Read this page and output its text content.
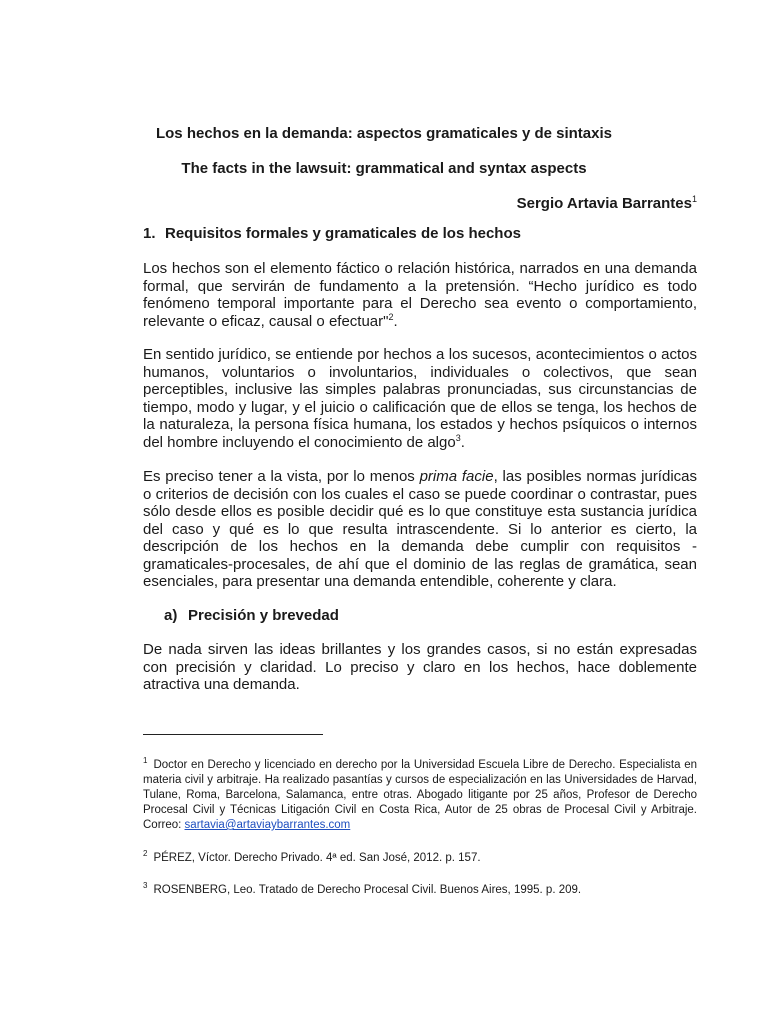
Los hechos en la demanda: aspectos gramaticales y de sintaxis
The facts in the lawsuit: grammatical and syntax aspects
Sergio Artavia Barrantes$^1$
1. Requisitos formales y gramaticales de los hechos
Los hechos son el elemento fáctico o relación histórica, narrados en una demanda formal, que servirán de fundamento a la pretensión. “Hecho jurídico es todo fenómeno temporal importante para el Derecho sea evento o comportamiento, relevante o eficaz, causal o efectuar"$^2$.
En sentido jurídico, se entiende por hechos a los sucesos, acontecimientos o actos humanos, voluntarios o involuntarios, individuales o colectivos, que sean perceptibles, inclusive las simples palabras pronunciadas, sus circunstancias de tiempo, modo y lugar, y el juicio o calificación que de ellos se tenga, los hechos de la naturaleza, la persona física humana, los estados y hechos psíquicos o internos del hombre incluyendo el conocimiento de algo$^3$.
Es preciso tener a la vista, por lo menos prima facie, las posibles normas jurídicas o criterios de decisión con los cuales el caso se puede coordinar o contrastar, pues sólo desde ellos es posible decidir qué es lo que constituye esta sustancia jurídica del caso y qué es lo que resulta intrascendente. Si lo anterior es cierto, la descripción de los hechos en la demanda debe cumplir con requisitos -gramaticales-procesales, de ahí que el dominio de las reglas de gramática, sean esenciales, para presentar una demanda entendible, coherente y clara.
a) Precisión y brevedad
De nada sirven las ideas brillantes y los grandes casos, si no están expresadas con precisión y claridad. Lo preciso y claro en los hechos, hace doblemente atractiva una demanda.
$^1$ Doctor en Derecho y licenciado en derecho por la Universidad Escuela Libre de Derecho. Especialista en materia civil y arbitraje. Ha realizado pasantías y cursos de especialización en las Universidades de Harvad, Tulane, Roma, Barcelona, Salamanca, entre otras. Abogado litigante por 25 años, Profesor de Derecho Procesal Civil y Técnicas Litigación Civil en Costa Rica, Autor de 25 obras de Procesal Civil y Arbitraje. Correo: sartavia@artaviaybarrantes.com
$^2$ PÉREZ, Víctor. Derecho Privado. 4ª ed. San José, 2012. p. 157.
$^3$ ROSENBERG, Leo. Tratado de Derecho Procesal Civil. Buenos Aires, 1995. p. 209.
